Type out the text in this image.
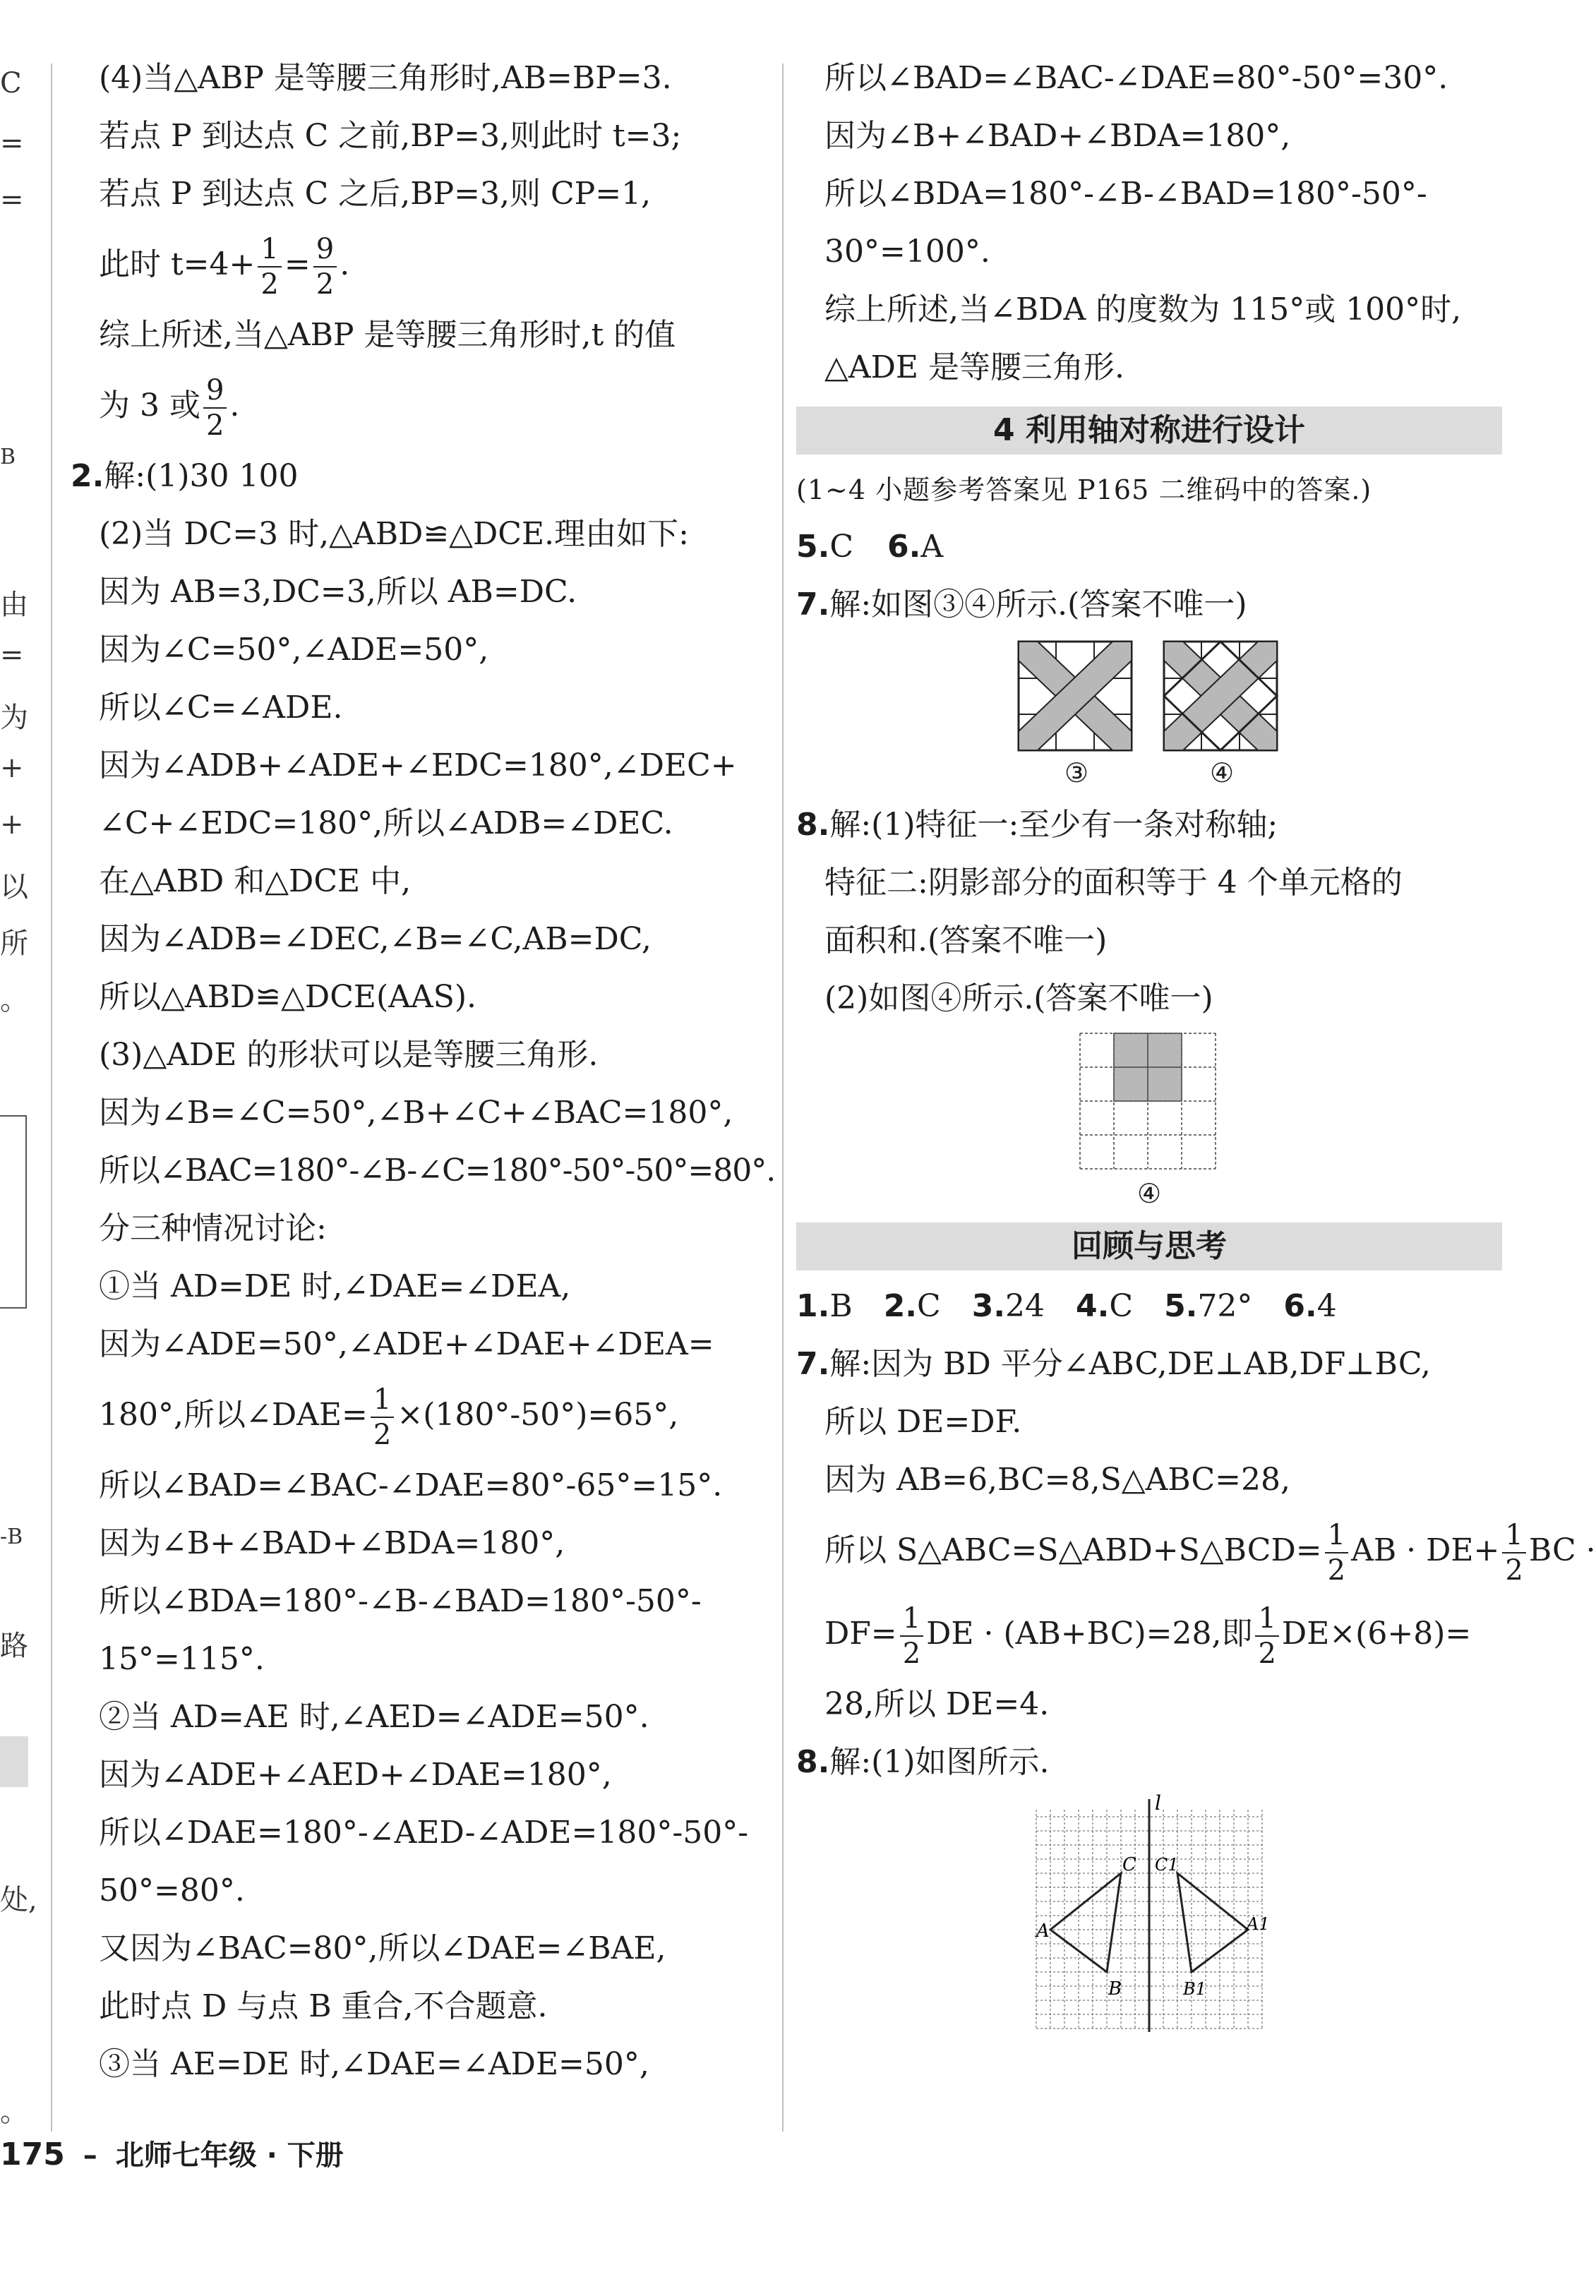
C
=
=
B
由
=
为
+
+
以
所
。
-B
路
处,
。
(4)当△ABP 是等腰三角形时,AB=BP=3.
若点 P 到达点 C 之前,BP=3,则此时 t=3;
若点 P 到达点 C 之后,BP=3,则 CP=1,
此时 $t=4+ \frac{1}{2} = \frac{9}{2}$ .
综上所述,当△ABP 是等腰三角形时,t 的值
为 3 或 $\frac{9}{2}$ .
2.解:(1)30 100
(2)当 DC=3 时,△ABD≌△DCE.理由如下:
因为 AB=3,DC=3,所以 AB=DC.
因为∠C=50°,∠ADE=50°,
所以∠C=∠ADE.
因为∠ADB+∠ADE+∠EDC=180°,∠DEC+
∠C+∠EDC=180°,所以∠ADB=∠DEC.
在△ABD 和△DCE 中,
因为∠ADB=∠DEC,∠B=∠C,AB=DC,
所以△ABD≌△DCE(AAS).
(3)△ADE 的形状可以是等腰三角形.
因为∠B=∠C=50°,∠B+∠C+∠BAC=180°,
所以∠BAC=180°-∠B-∠C=180°-50°-50°=80°.
分三种情况讨论:
①当 AD=DE 时,∠DAE=∠DEA,
因为∠ADE=50°,∠ADE+∠DAE+∠DEA=
180°,所以∠DAE= $\frac{1}{2} \times(180^\circ-50^\circ)=65^\circ$,
所以∠BAD=∠BAC-∠DAE=80°-65°=15°.
因为∠B+∠BAD+∠BDA=180°,
所以∠BDA=180°-∠B-∠BAD=180°-50°-
15°=115°.
②当 AD=AE 时,∠AED=∠ADE=50°.
因为∠ADE+∠AED+∠DAE=180°,
所以∠DAE=180°-∠AED-∠ADE=180°-50°-
50°=80°.
又因为∠BAC=80°,所以∠DAE=∠BAE,
此时点 D 与点 B 重合,不合题意.
③当 AE=DE 时,∠DAE=∠ADE=50°,
所以∠BAD=∠BAC-∠DAE=80°-50°=30°.
因为∠B+∠BAD+∠BDA=180°,
所以∠BDA=180°-∠B-∠BAD=180°-50°-
30°=100°.
综上所述,当∠BDA 的度数为 115°或 100°时,
△ADE 是等腰三角形.
4 利用轴对称进行设计
(1~4 小题参考答案见 P165 二维码中的答案.)
5.C 6.A
7.解:如图③④所示.(答案不唯一)
③	④
8.解:(1)特征一:至少有一条对称轴;
特征二:阴影部分的面积等于 4 个单元格的
面积和.(答案不唯一)
(2)如图④所示.(答案不唯一)
④
回顾与思考
1.B 2.C 3.24 4.C 5.72° 6.4
7.解:因为 BD 平分∠ABC,DE⊥AB,DF⊥BC,
所以 DE=DF.
因为 AB=6,BC=8,S△ABC=28,
所以 S△ABC=S△ABD+S△BCD= $\frac{1}{2}$ AB · $DE+ \frac{1}{2}$ BC ·
$DF= \frac{1}{2}$ DE · (AB+BC)=28,即 $\frac{1}{2} DE\times(6+8)=$
28,所以 DE=4.
8.解:(1)如图所示.
l
A
B
C C1
A1
B1
175 – 北师七年级 · 下册
